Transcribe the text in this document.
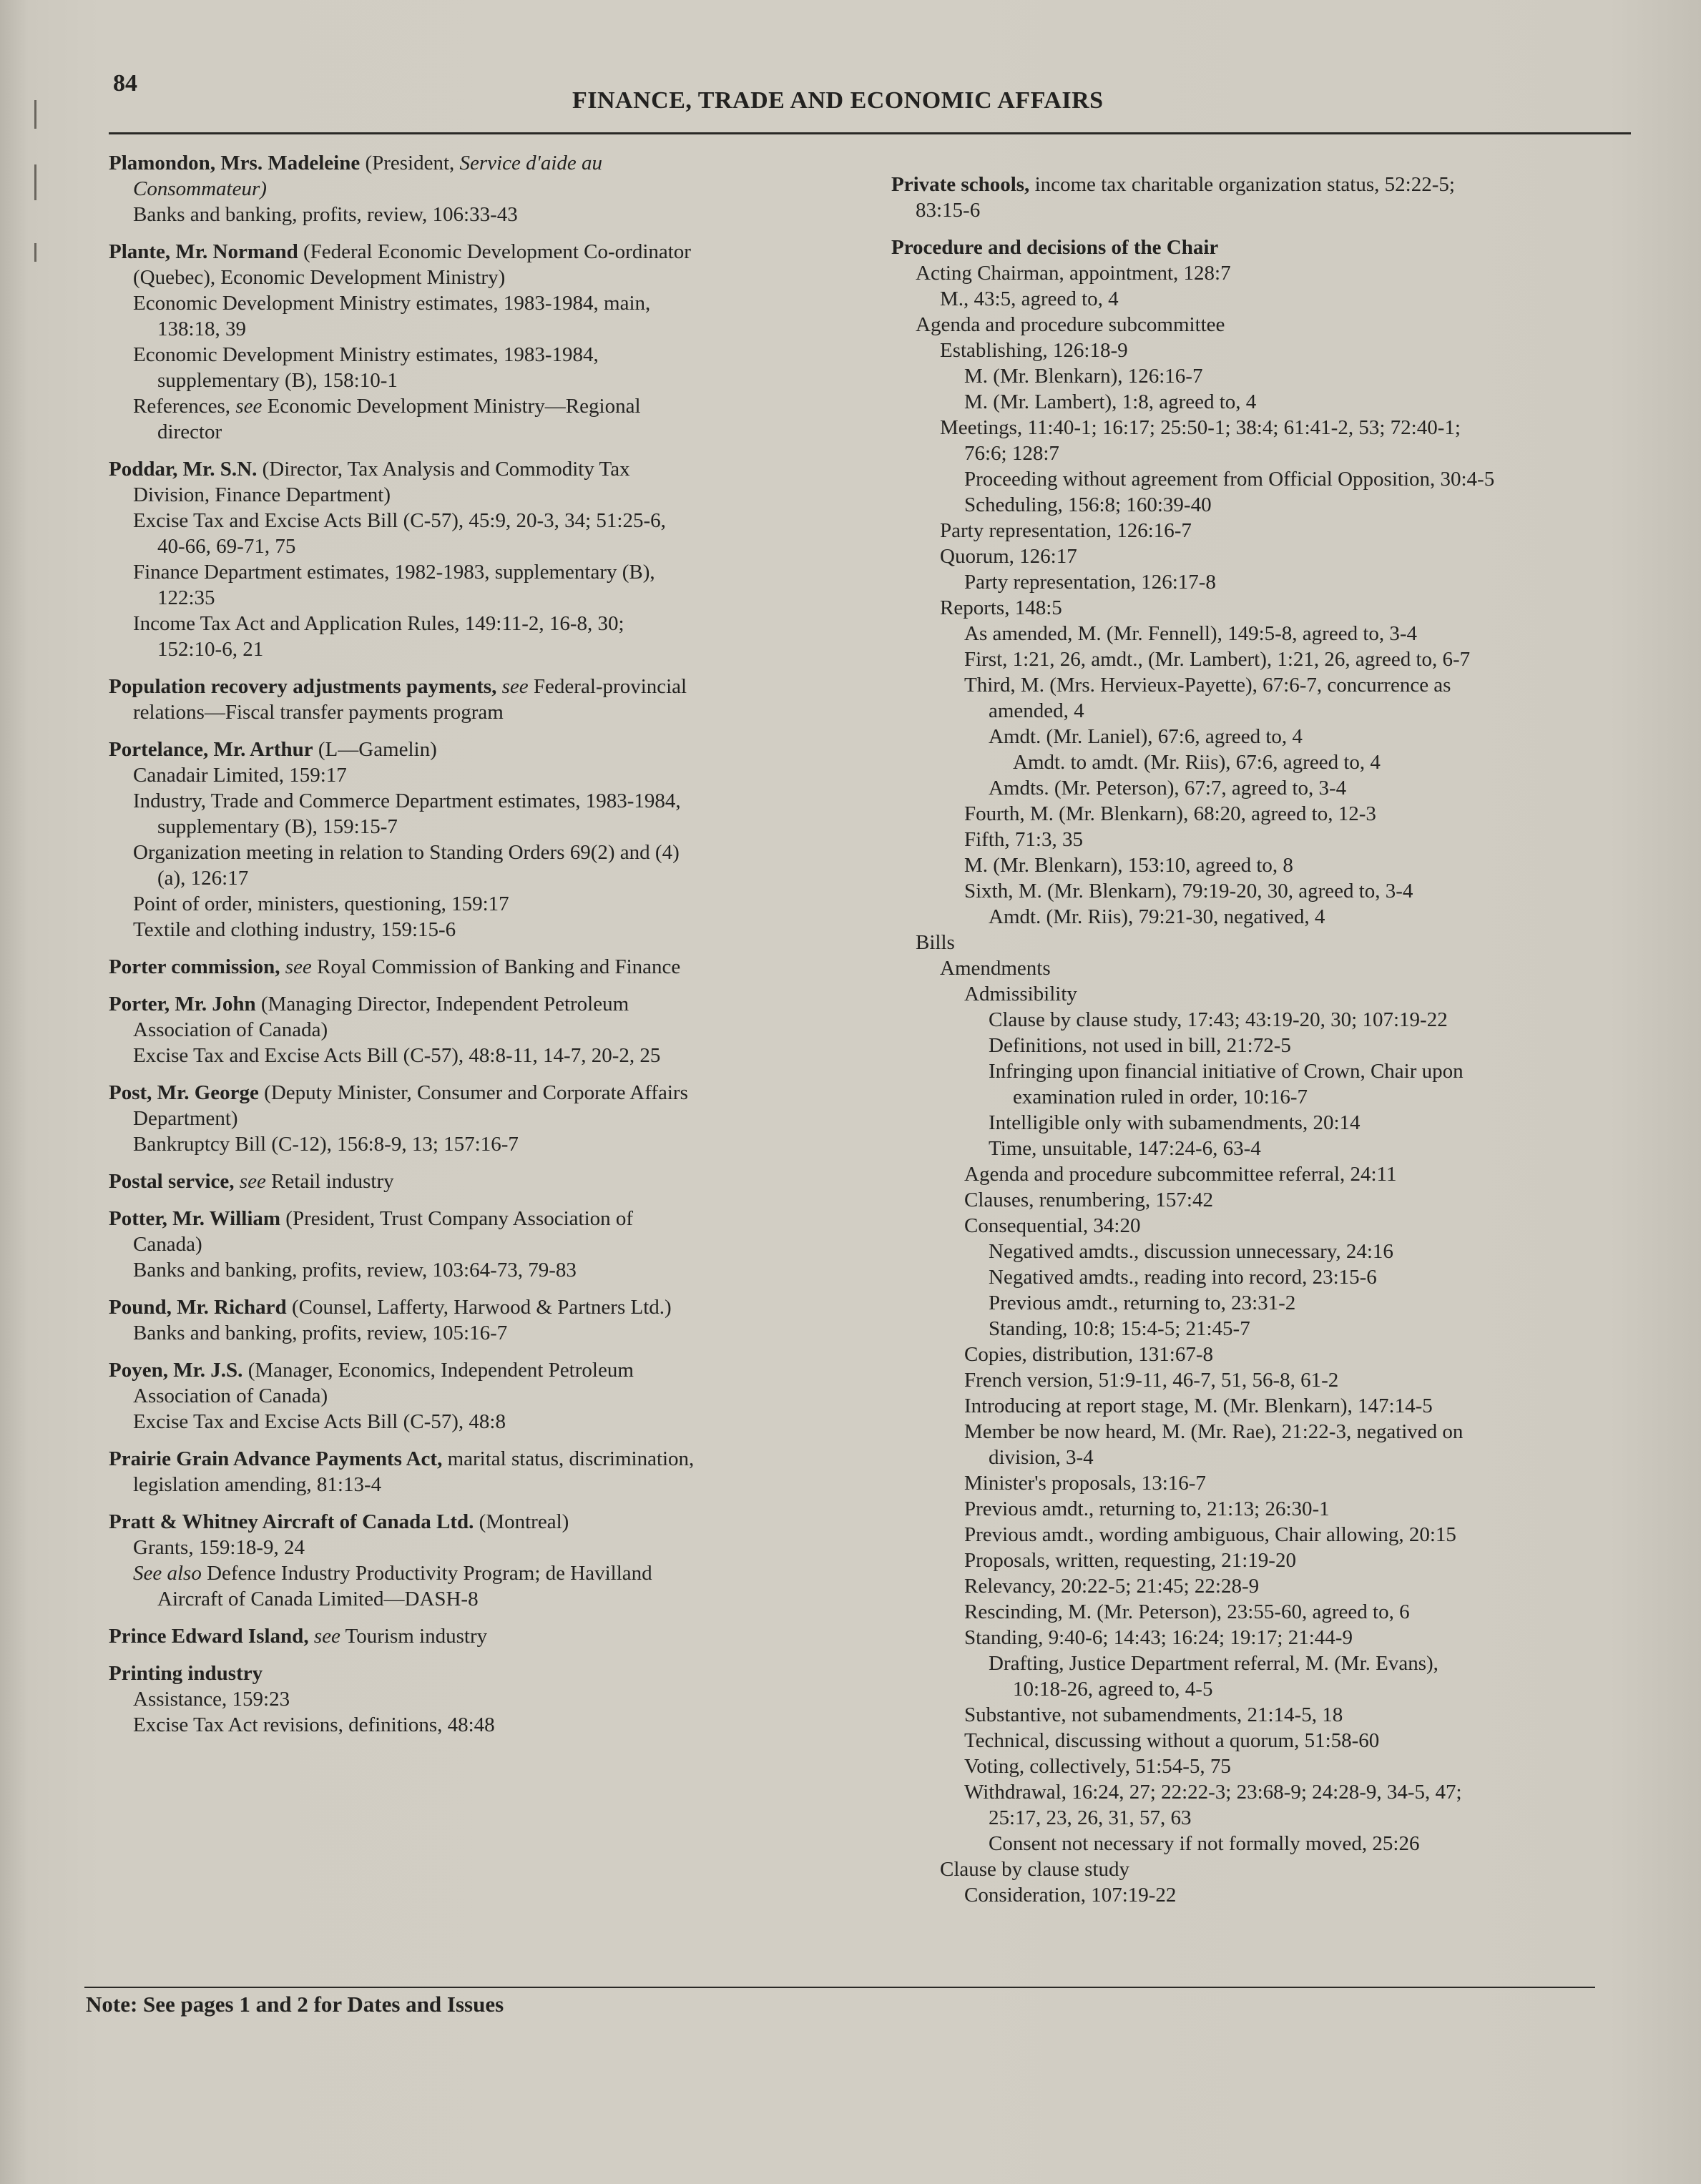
84
FINANCE, TRADE AND ECONOMIC AFFAIRS
Plamondon, Mrs. Madeleine (President, Service d'aide au
Consommateur)
Banks and banking, profits, review, 106:33-43
Plante, Mr. Normand (Federal Economic Development Co-ordinator
(Quebec), Economic Development Ministry)
Economic Development Ministry estimates, 1983-1984, main,
138:18, 39
Economic Development Ministry estimates, 1983-1984,
supplementary (B), 158:10-1
References, see Economic Development Ministry—Regional
director
Poddar, Mr. S.N. (Director, Tax Analysis and Commodity Tax
Division, Finance Department)
Excise Tax and Excise Acts Bill (C-57), 45:9, 20-3, 34; 51:25-6,
40-66, 69-71, 75
Finance Department estimates, 1982-1983, supplementary (B),
122:35
Income Tax Act and Application Rules, 149:11-2, 16-8, 30;
152:10-6, 21
Population recovery adjustments payments, see Federal-provincial
relations—Fiscal transfer payments program
Portelance, Mr. Arthur (L—Gamelin)
Canadair Limited, 159:17
Industry, Trade and Commerce Department estimates, 1983-1984,
supplementary (B), 159:15-7
Organization meeting in relation to Standing Orders 69(2) and (4)
(a), 126:17
Point of order, ministers, questioning, 159:17
Textile and clothing industry, 159:15-6
Porter commission, see Royal Commission of Banking and Finance
Porter, Mr. John (Managing Director, Independent Petroleum
Association of Canada)
Excise Tax and Excise Acts Bill (C-57), 48:8-11, 14-7, 20-2, 25
Post, Mr. George (Deputy Minister, Consumer and Corporate Affairs
Department)
Bankruptcy Bill (C-12), 156:8-9, 13; 157:16-7
Postal service, see Retail industry
Potter, Mr. William (President, Trust Company Association of
Canada)
Banks and banking, profits, review, 103:64-73, 79-83
Pound, Mr. Richard (Counsel, Lafferty, Harwood & Partners Ltd.)
Banks and banking, profits, review, 105:16-7
Poyen, Mr. J.S. (Manager, Economics, Independent Petroleum
Association of Canada)
Excise Tax and Excise Acts Bill (C-57), 48:8
Prairie Grain Advance Payments Act, marital status, discrimination,
legislation amending, 81:13-4
Pratt & Whitney Aircraft of Canada Ltd. (Montreal)
Grants, 159:18-9, 24
See also Defence Industry Productivity Program; de Havilland
Aircraft of Canada Limited—DASH-8
Prince Edward Island, see Tourism industry
Printing industry
Assistance, 159:23
Excise Tax Act revisions, definitions, 48:48
Private schools, income tax charitable organization status, 52:22-5;
83:15-6
Procedure and decisions of the Chair
Acting Chairman, appointment, 128:7
M., 43:5, agreed to, 4
Agenda and procedure subcommittee
Establishing, 126:18-9
M. (Mr. Blenkarn), 126:16-7
M. (Mr. Lambert), 1:8, agreed to, 4
Meetings, 11:40-1; 16:17; 25:50-1; 38:4; 61:41-2, 53; 72:40-1;
76:6; 128:7
Proceeding without agreement from Official Opposition, 30:4-5
Scheduling, 156:8; 160:39-40
Party representation, 126:16-7
Quorum, 126:17
Party representation, 126:17-8
Reports, 148:5
As amended, M. (Mr. Fennell), 149:5-8, agreed to, 3-4
First, 1:21, 26, amdt., (Mr. Lambert), 1:21, 26, agreed to, 6-7
Third, M. (Mrs. Hervieux-Payette), 67:6-7, concurrence as
amended, 4
Amdt. (Mr. Laniel), 67:6, agreed to, 4
Amdt. to amdt. (Mr. Riis), 67:6, agreed to, 4
Amdts. (Mr. Peterson), 67:7, agreed to, 3-4
Fourth, M. (Mr. Blenkarn), 68:20, agreed to, 12-3
Fifth, 71:3, 35
M. (Mr. Blenkarn), 153:10, agreed to, 8
Sixth, M. (Mr. Blenkarn), 79:19-20, 30, agreed to, 3-4
Amdt. (Mr. Riis), 79:21-30, negatived, 4
Bills
Amendments
Admissibility
Clause by clause study, 17:43; 43:19-20, 30; 107:19-22
Definitions, not used in bill, 21:72-5
Infringing upon financial initiative of Crown, Chair upon
examination ruled in order, 10:16-7
Intelligible only with subamendments, 20:14
Time, unsuitable, 147:24-6, 63-4
Agenda and procedure subcommittee referral, 24:11
Clauses, renumbering, 157:42
Consequential, 34:20
Negatived amdts., discussion unnecessary, 24:16
Negatived amdts., reading into record, 23:15-6
Previous amdt., returning to, 23:31-2
Standing, 10:8; 15:4-5; 21:45-7
Copies, distribution, 131:67-8
French version, 51:9-11, 46-7, 51, 56-8, 61-2
Introducing at report stage, M. (Mr. Blenkarn), 147:14-5
Member be now heard, M. (Mr. Rae), 21:22-3, negatived on
division, 3-4
Minister's proposals, 13:16-7
Previous amdt., returning to, 21:13; 26:30-1
Previous amdt., wording ambiguous, Chair allowing, 20:15
Proposals, written, requesting, 21:19-20
Relevancy, 20:22-5; 21:45; 22:28-9
Rescinding, M. (Mr. Peterson), 23:55-60, agreed to, 6
Standing, 9:40-6; 14:43; 16:24; 19:17; 21:44-9
Drafting, Justice Department referral, M. (Mr. Evans),
10:18-26, agreed to, 4-5
Substantive, not subamendments, 21:14-5, 18
Technical, discussing without a quorum, 51:58-60
Voting, collectively, 51:54-5, 75
Withdrawal, 16:24, 27; 22:22-3; 23:68-9; 24:28-9, 34-5, 47;
25:17, 23, 26, 31, 57, 63
Consent not necessary if not formally moved, 25:26
Clause by clause study
Consideration, 107:19-22
Note: See pages 1 and 2 for Dates and Issues
